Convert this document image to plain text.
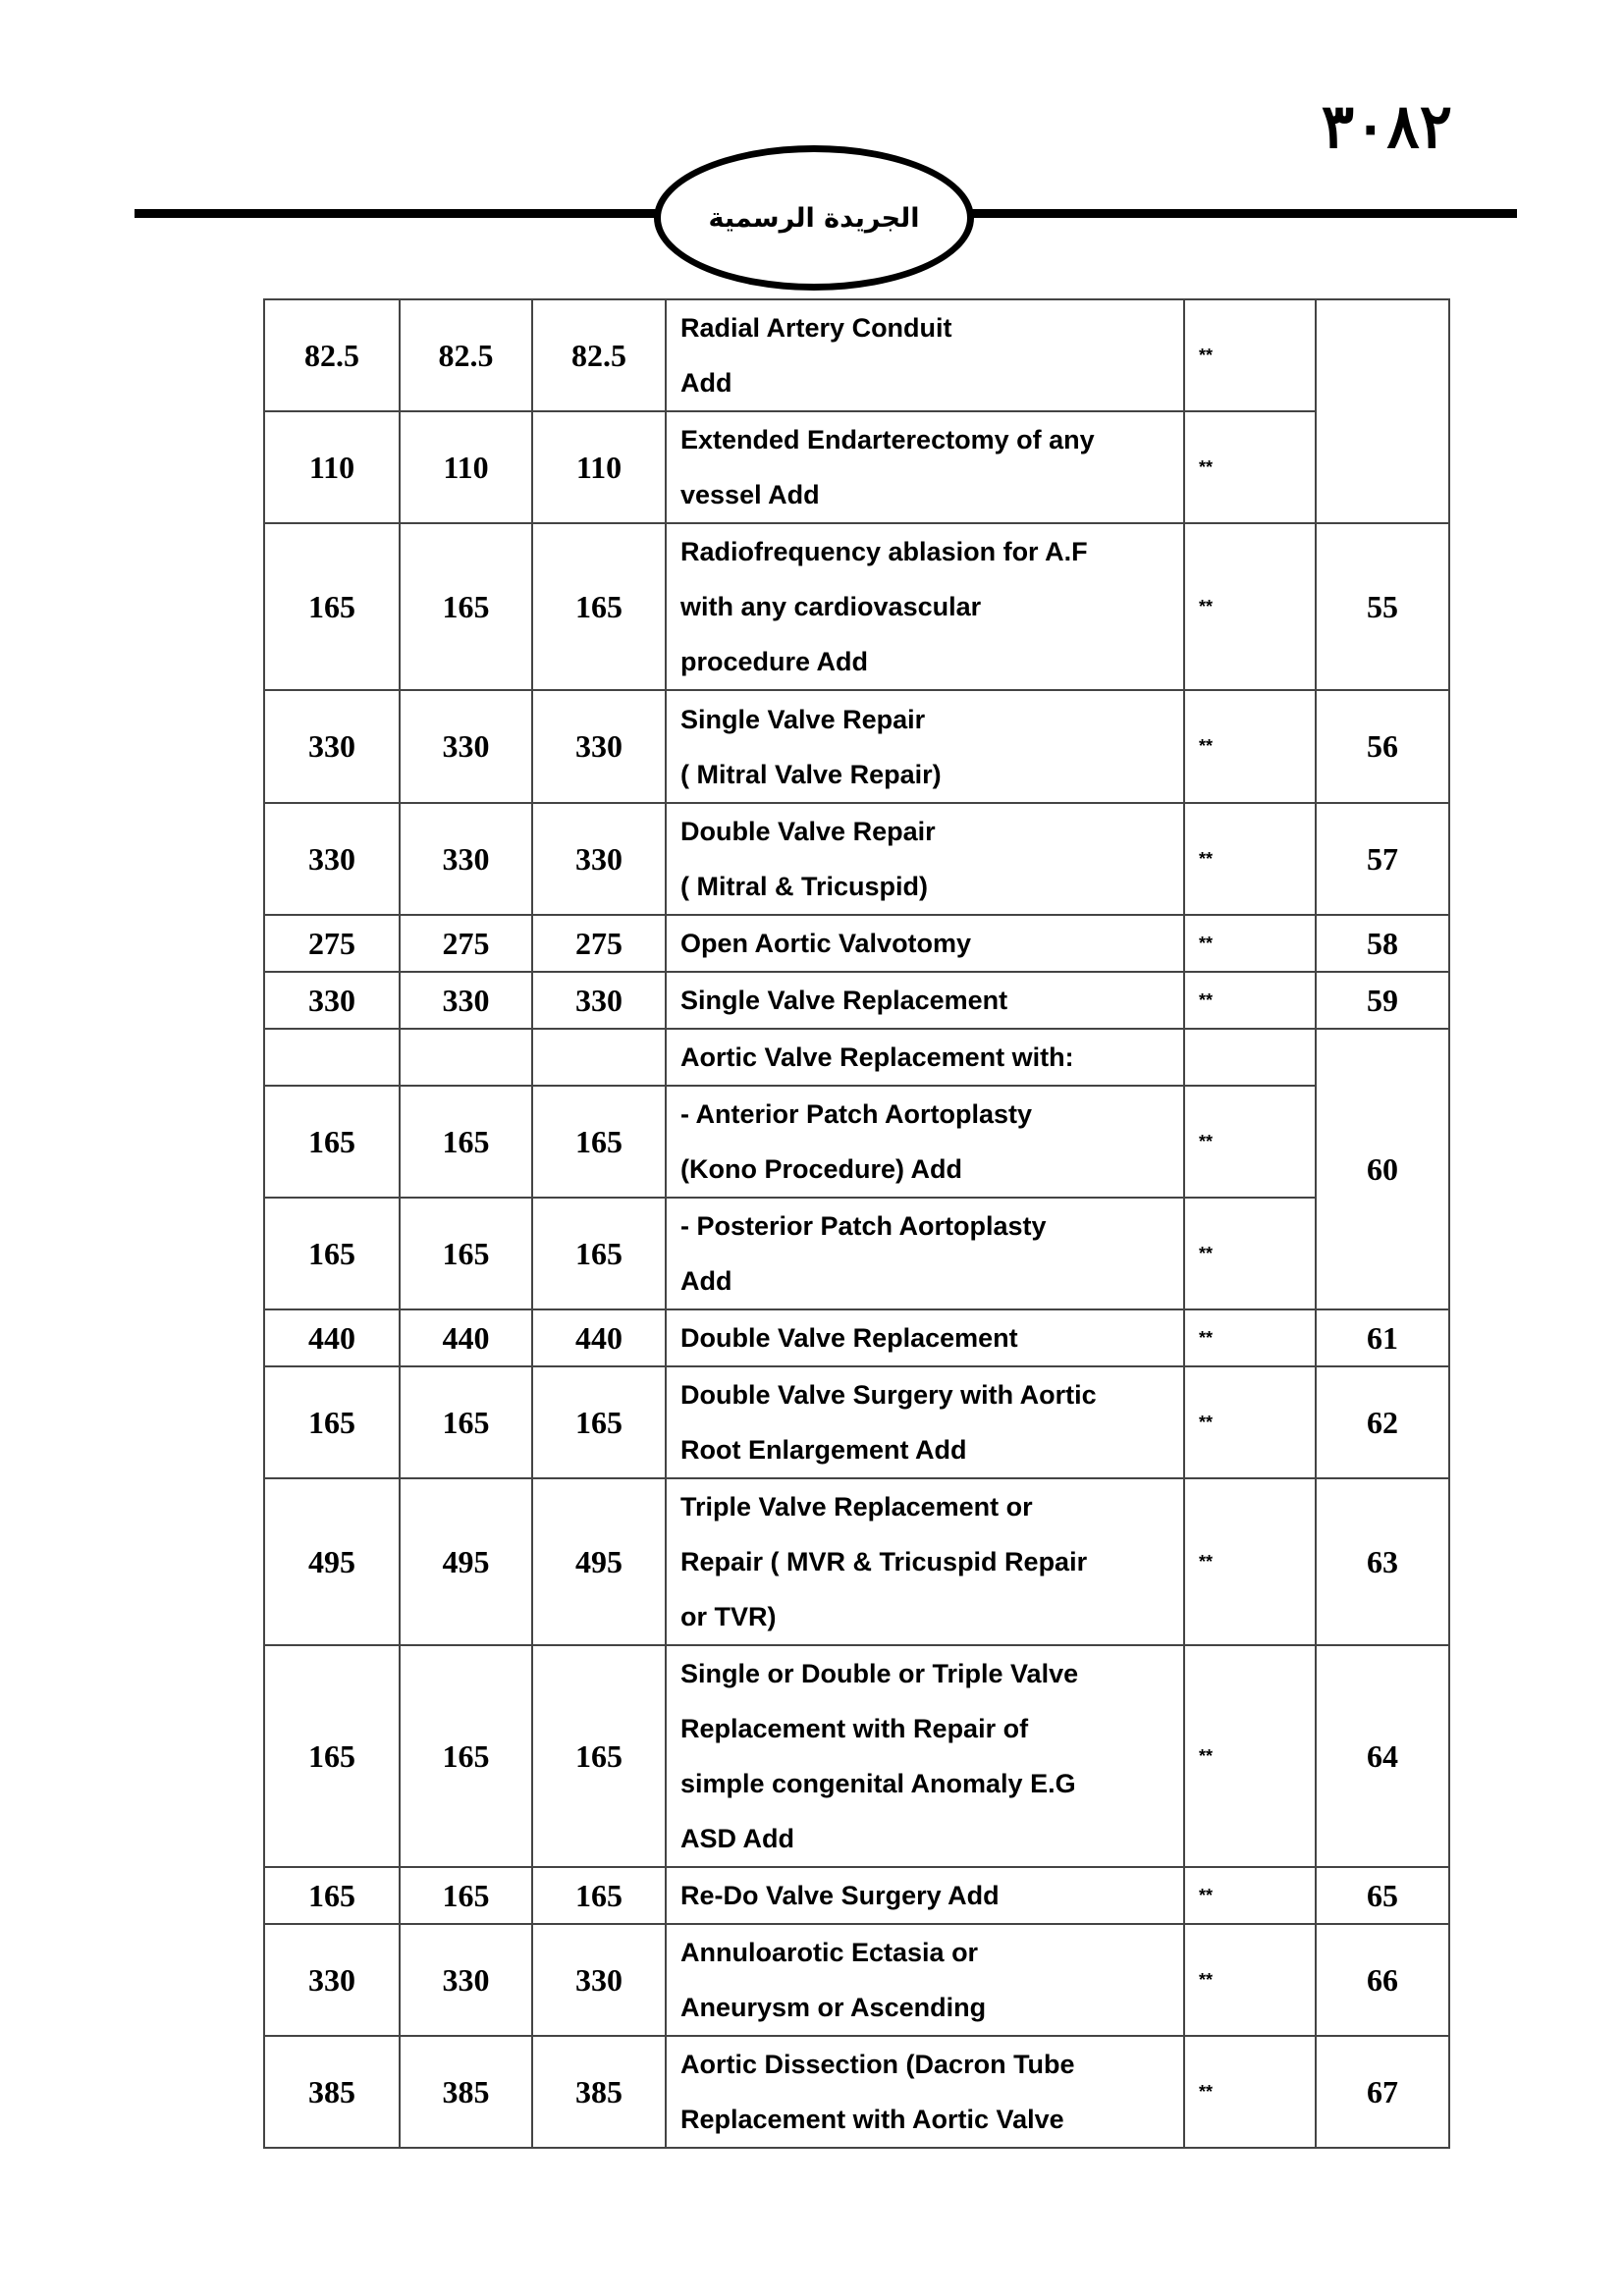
٣٠٨٢
الجريدة الرسمية
82.5	82.5	82.5	Radial Artery Conduit
Add	**	
110	110	110	Extended Endarterectomy of any
vessel Add	**	
165	165	165	Radiofrequency ablasion for A.F
with any cardiovascular
procedure Add	**	55
330	330	330	Single Valve Repair
( Mitral Valve Repair)	**	56
330	330	330	Double Valve Repair
( Mitral & Tricuspid)	**	57
275	275	275	Open Aortic Valvotomy	**	58
330	330	330	Single Valve Replacement	**	59

			Aortic Valve Replacement with:		60
165	165	165	- Anterior Patch Aortoplasty
(Kono Procedure) Add	**	
165	165	165	- Posterior Patch Aortoplasty
Add	**	
440	440	440	Double Valve Replacement	**	61
165	165	165	Double Valve Surgery with Aortic
Root Enlargement Add	**	62
495	495	495	Triple Valve Replacement or
Repair ( MVR & Tricuspid Repair
or TVR)	**	63
165	165	165	Single or Double or Triple Valve
Replacement with Repair of
simple congenital Anomaly E.G
ASD Add	**	64
165	165	165	Re-Do Valve Surgery Add	**	65
330	330	330	Annuloarotic Ectasia or
Aneurysm or Ascending	**	66
385	385	385	Aortic Dissection (Dacron Tube
Replacement with Aortic Valve	**	67
